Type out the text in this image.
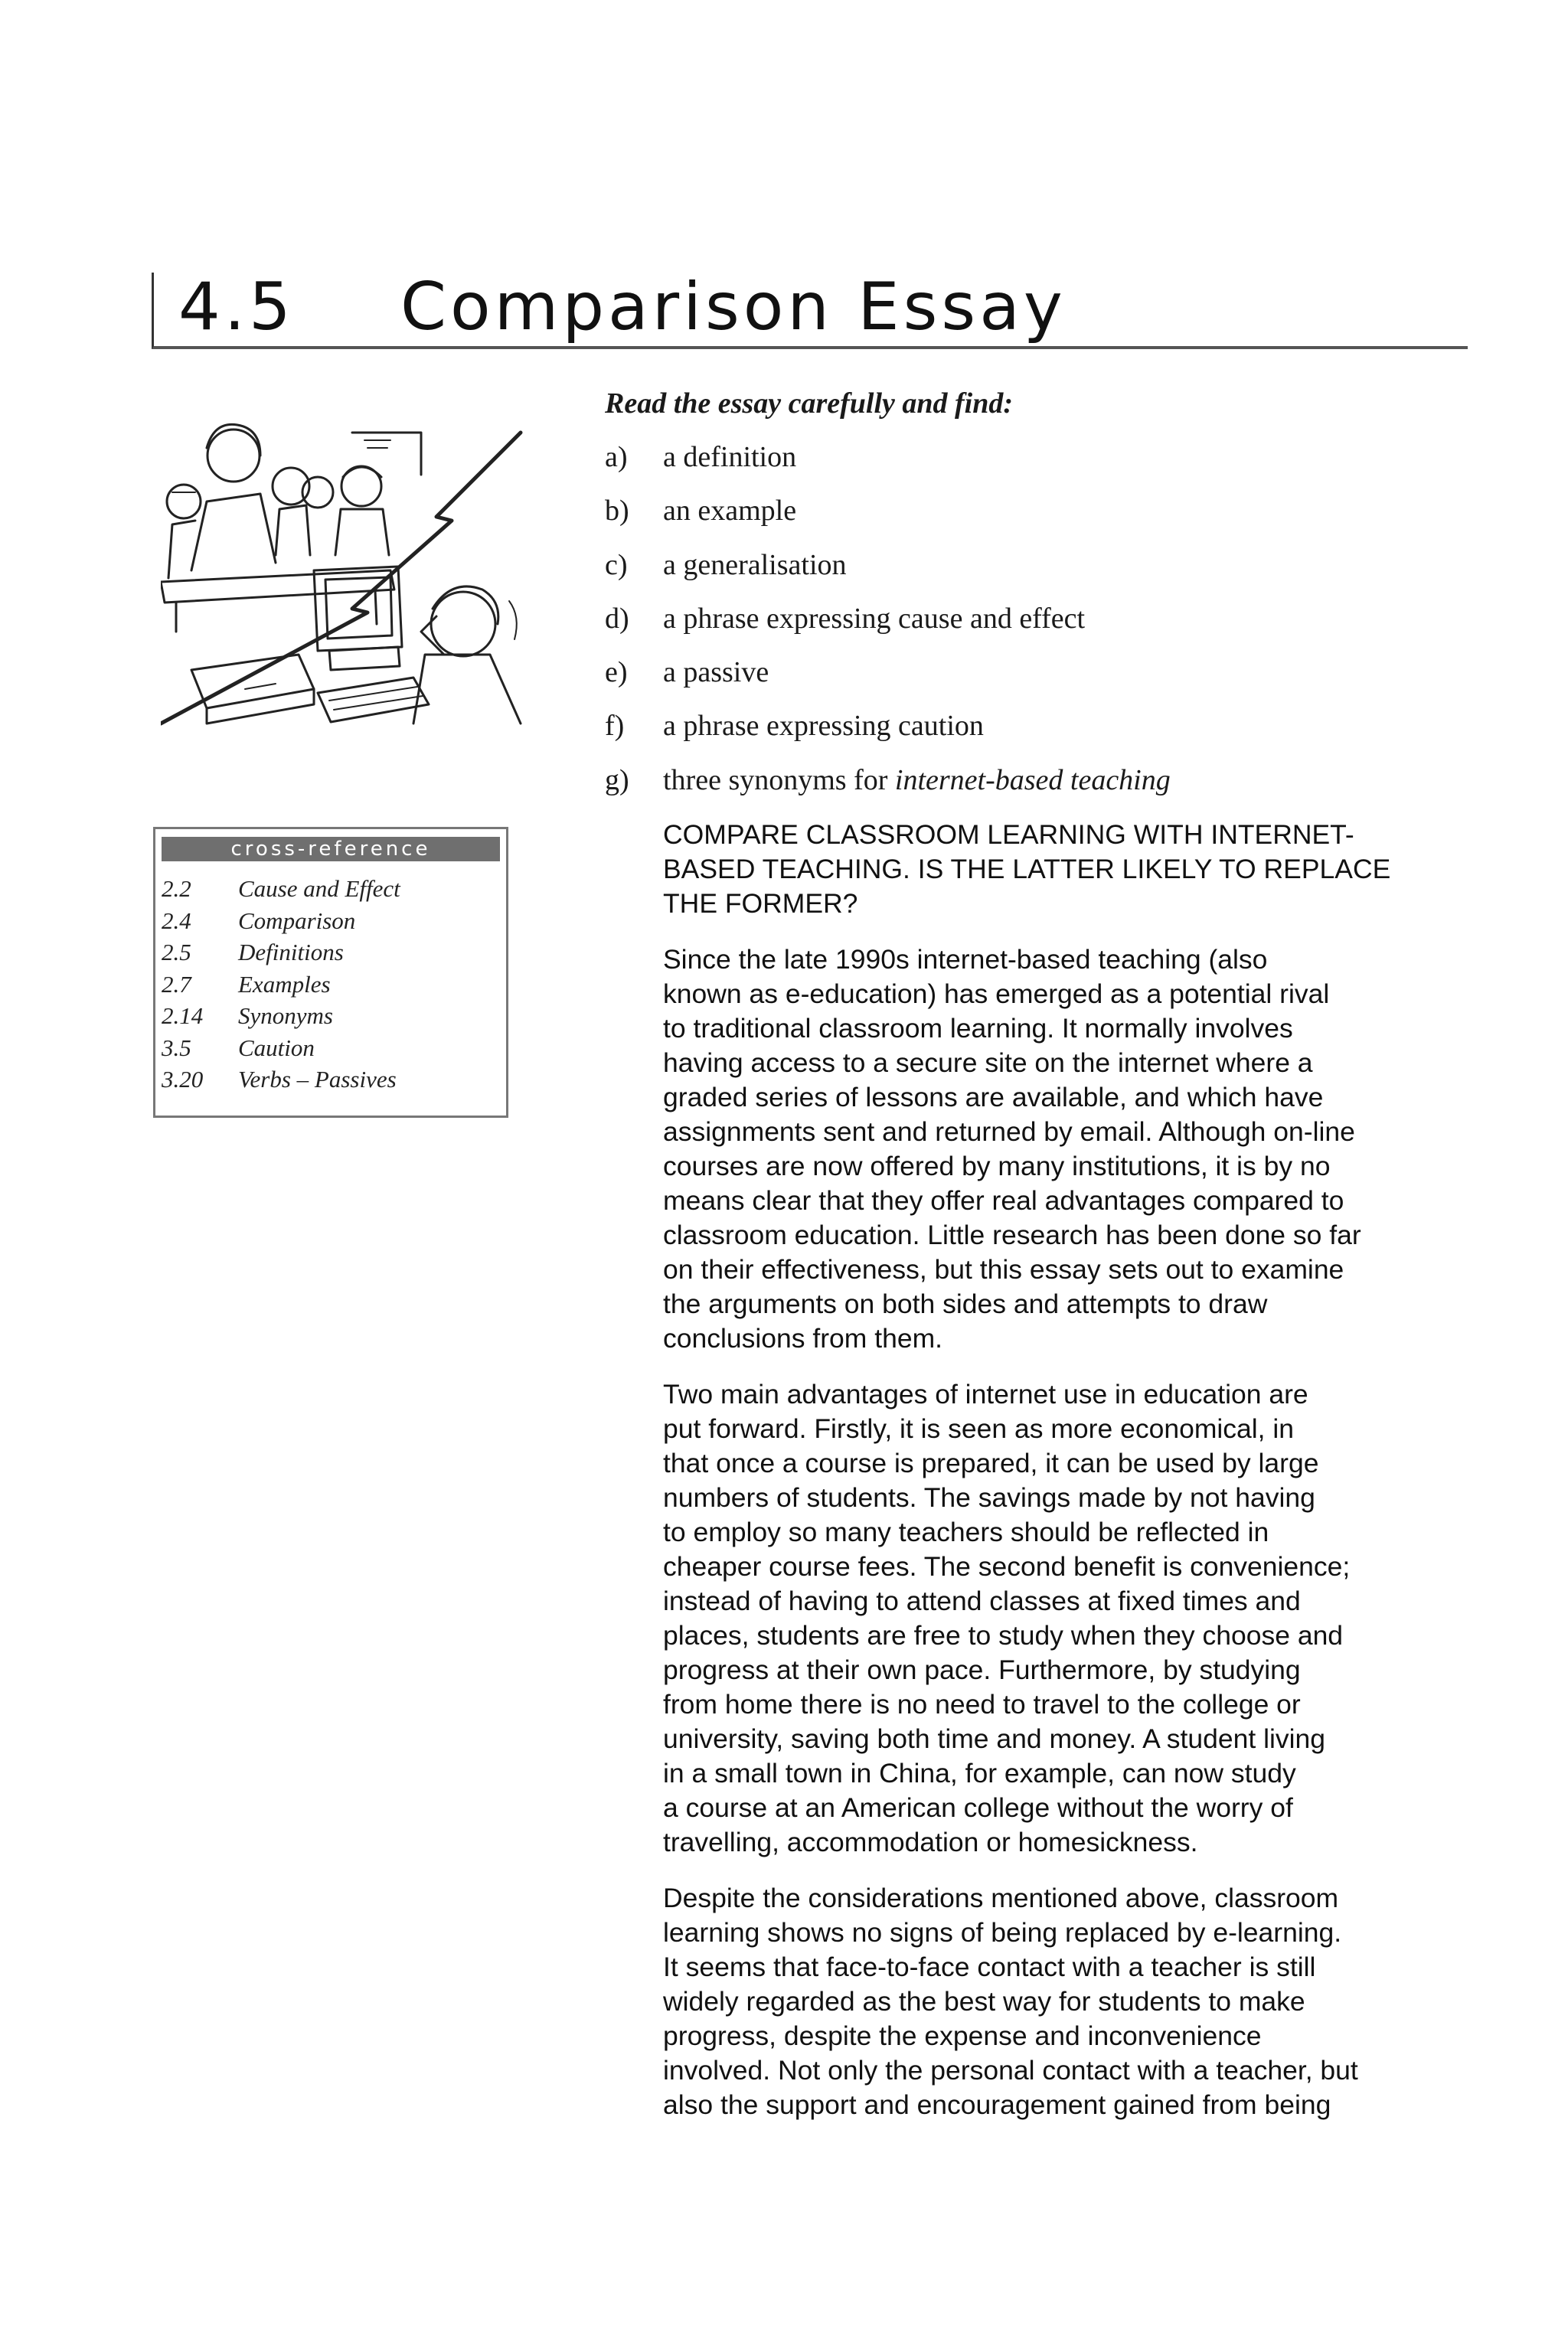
4.5 Comparison Essay
cross-reference
2.2	Cause and Effect
2.4	Comparison
2.5	Definitions
2.7	Examples
2.14	Synonyms
3.5	Caution
3.20	Verbs – Passives
Read the essay carefully and find:
a)	a definition
b)	an example
c)	a generalisation
d)	a phrase expressing cause and effect
e)	a passive
f)	a phrase expressing caution
g)	three synonyms for internet-based teaching

COMPARE CLASSROOM LEARNING WITH INTERNET-
BASED TEACHING. IS THE LATTER LIKELY TO REPLACE
THE FORMER?

Since the late 1990s internet-based teaching (also
known as e-education) has emerged as a potential rival
to traditional classroom learning. It normally involves
having access to a secure site on the internet where a
graded series of lessons are available, and which have
assignments sent and returned by email. Although on-line
courses are now offered by many institutions, it is by no
means clear that they offer real advantages compared to
classroom education. Little research has been done so far
on their effectiveness, but this essay sets out to examine
the arguments on both sides and attempts to draw
conclusions from them.

Two main advantages of internet use in education are
put forward. Firstly, it is seen as more economical, in
that once a course is prepared, it can be used by large
numbers of students. The savings made by not having
to employ so many teachers should be reflected in
cheaper course fees. The second benefit is convenience;
instead of having to attend classes at fixed times and
places, students are free to study when they choose and
progress at their own pace. Furthermore, by studying
from home there is no need to travel to the college or
university, saving both time and money. A student living
in a small town in China, for example, can now study
a course at an American college without the worry of
travelling, accommodation or homesickness.

Despite the considerations mentioned above, classroom
learning shows no signs of being replaced by e-learning.
It seems that face-to-face contact with a teacher is still
widely regarded as the best way for students to make
progress, despite the expense and inconvenience
involved. Not only the personal contact with a teacher, but
also the support and encouragement gained from being
